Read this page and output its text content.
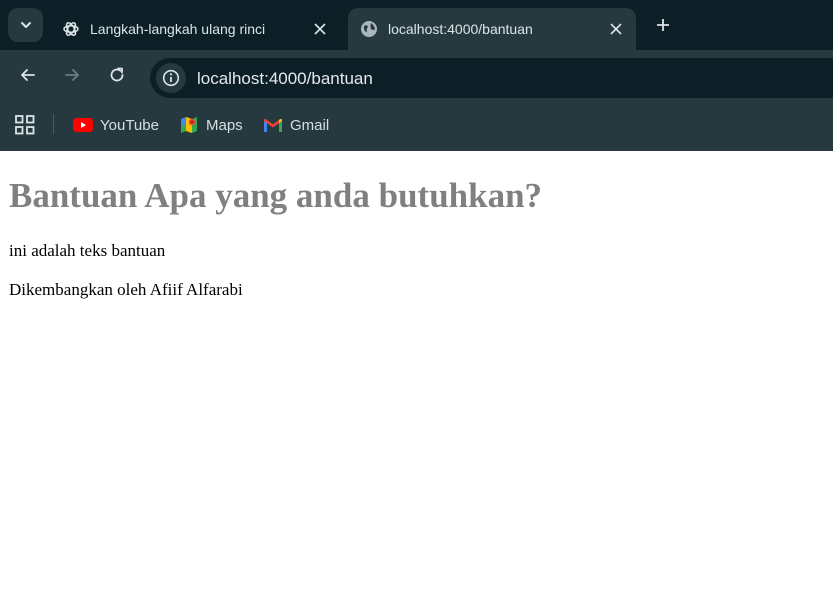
Langkah-langkah ulang rinci	localhost:4000/bantuan
localhost:4000/bantuan
YouTube	Maps	Gmail
Bantuan Apa yang anda butuhkan?

ini adalah teks bantuan

Dikembangkan oleh Afiif Alfarabi
